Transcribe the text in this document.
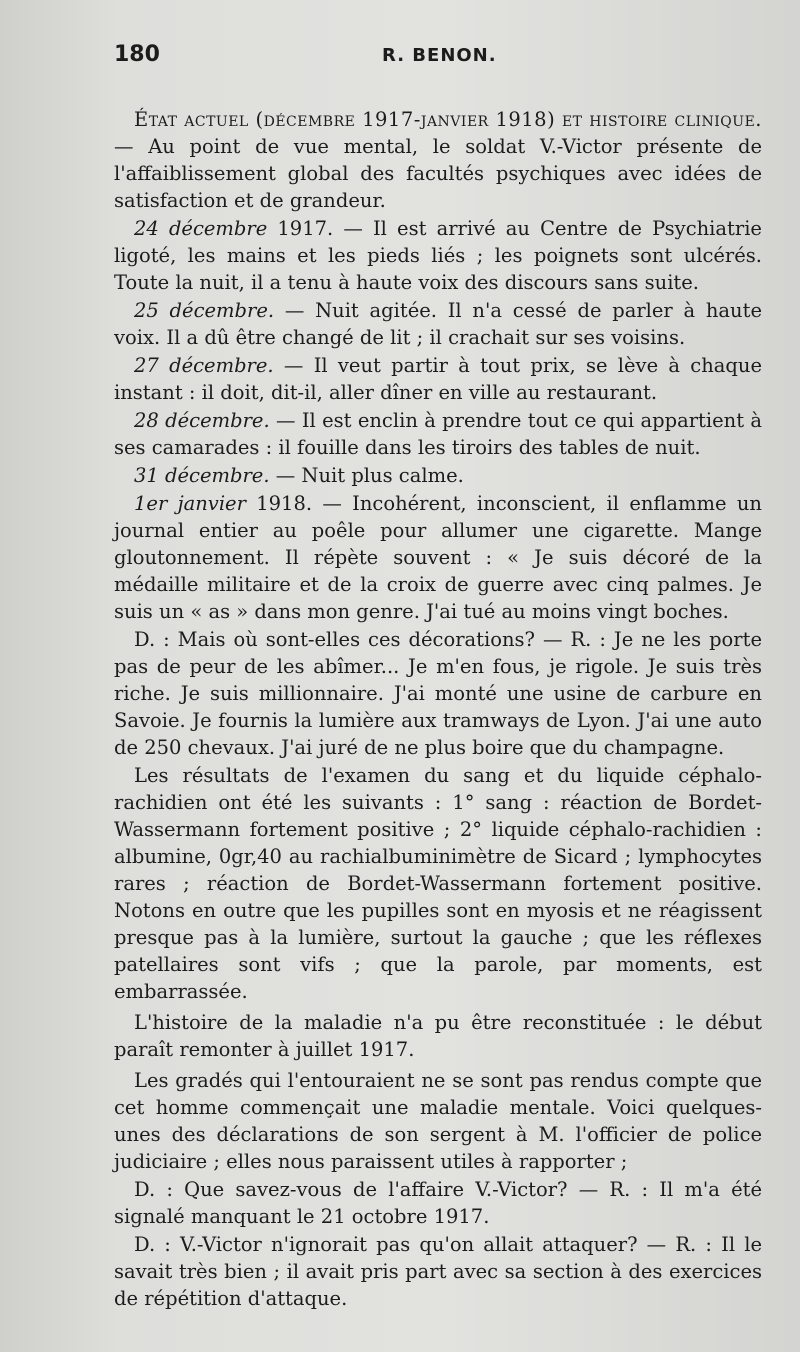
180	R. BENON.

État actuel (décembre 1917-janvier 1918) et histoire clinique. — Au point de vue mental, le soldat V.-Victor présente de l'affaiblissement global des facultés psychiques avec idées de satisfaction et de grandeur.

24 décembre 1917. — Il est arrivé au Centre de Psychiatrie ligoté, les mains et les pieds liés ; les poignets sont ulcérés. Toute la nuit, il a tenu à haute voix des discours sans suite.

25 décembre. — Nuit agitée. Il n'a cessé de parler à haute voix. Il a dû être changé de lit ; il crachait sur ses voisins.

27 décembre. — Il veut partir à tout prix, se lève à chaque instant : il doit, dit-il, aller dîner en ville au restaurant.

28 décembre. — Il est enclin à prendre tout ce qui appartient à ses camarades : il fouille dans les tiroirs des tables de nuit.

31 décembre. — Nuit plus calme.

1er janvier 1918. — Incohérent, inconscient, il enflamme un journal entier au poêle pour allumer une cigarette. Mange gloutonnement. Il répète souvent : « Je suis décoré de la médaille militaire et de la croix de guerre avec cinq palmes. Je suis un « as » dans mon genre. J'ai tué au moins vingt boches.

D. : Mais où sont-elles ces décorations? — R. : Je ne les porte pas de peur de les abîmer... Je m'en fous, je rigole. Je suis très riche. Je suis millionnaire. J'ai monté une usine de carbure en Savoie. Je fournis la lumière aux tramways de Lyon. J'ai une auto de 250 chevaux. J'ai juré de ne plus boire que du champagne.

Les résultats de l'examen du sang et du liquide céphalo-rachidien ont été les suivants : 1° sang : réaction de Bordet-Wassermann fortement positive ; 2° liquide céphalo-rachidien : albumine, 0gr,40 au rachialbuminimètre de Sicard ; lymphocytes rares ; réaction de Bordet-Wassermann fortement positive. Notons en outre que les pupilles sont en myosis et ne réagissent presque pas à la lumière, surtout la gauche ; que les réflexes patellaires sont vifs ; que la parole, par moments, est embarrassée.

L'histoire de la maladie n'a pu être reconstituée : le début paraît remonter à juillet 1917.

Les gradés qui l'entouraient ne se sont pas rendus compte que cet homme commençait une maladie mentale. Voici quelques-unes des déclarations de son sergent à M. l'officier de police judiciaire ; elles nous paraissent utiles à rapporter ;

D. : Que savez-vous de l'affaire V.-Victor? — R. : Il m'a été signalé manquant le 21 octobre 1917.

D. : V.-Victor n'ignorait pas qu'on allait attaquer? — R. : Il le savait très bien ; il avait pris part avec sa section à des exercices de répétition d'attaque.
